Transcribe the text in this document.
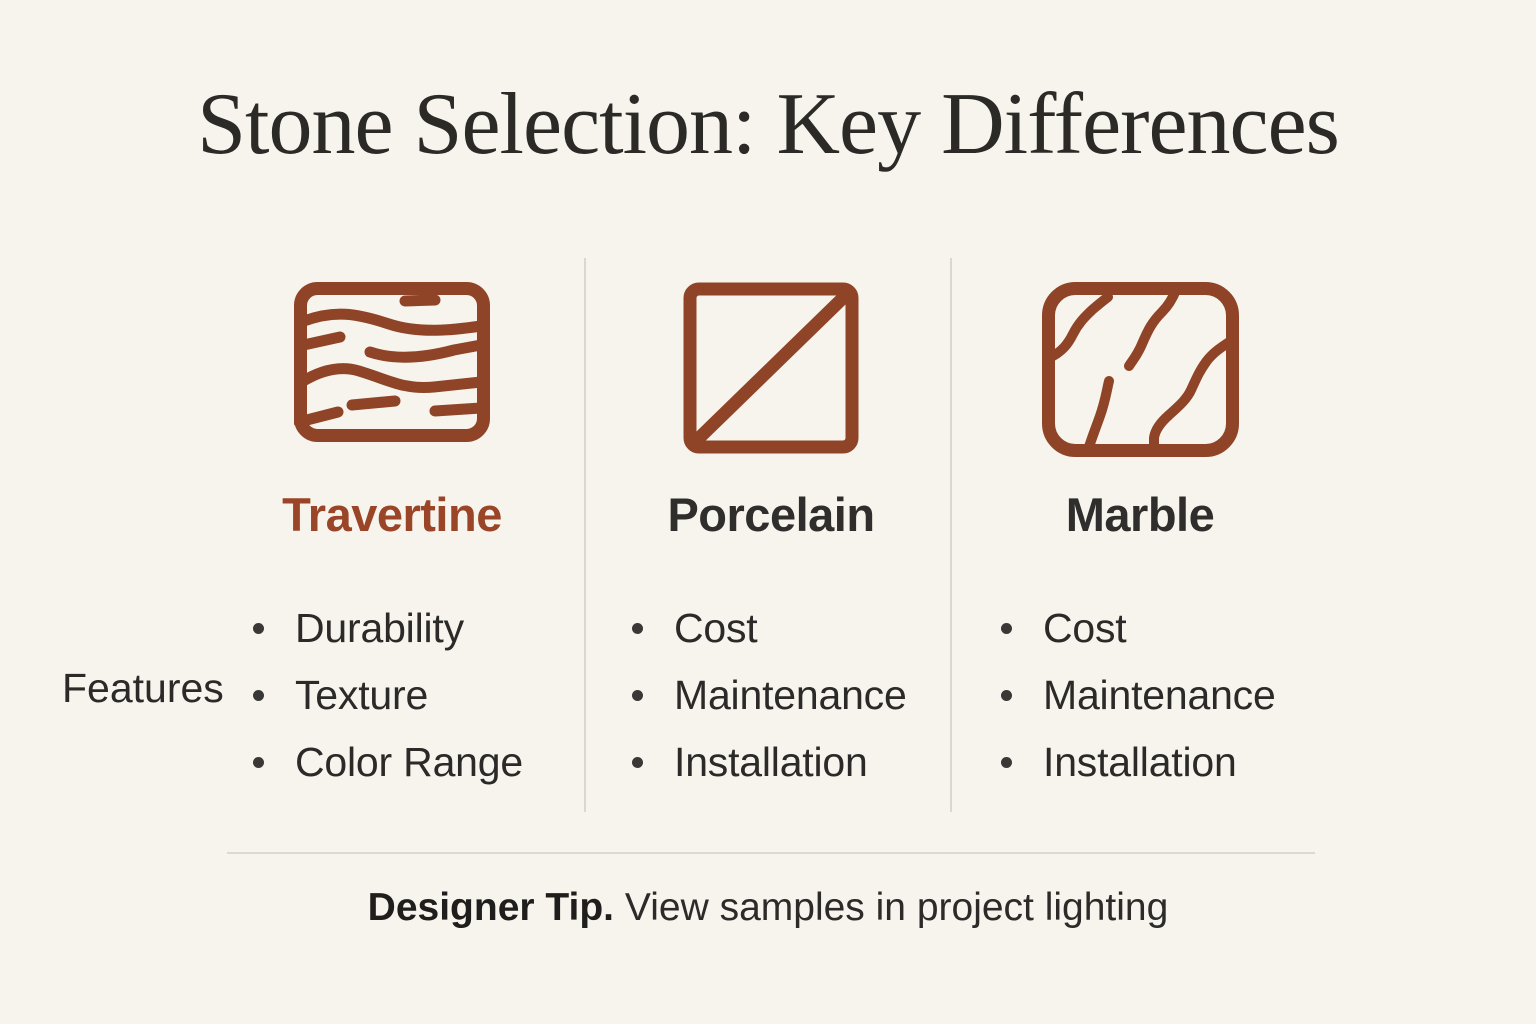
Stone Selection: Key Differences
Travertine
Durability
Texture
Color Range
Porcelain
Cost
Maintenance
Installation
Marble
Cost
Maintenance
Installation
Features
Designer Tip. View samples in project lighting
